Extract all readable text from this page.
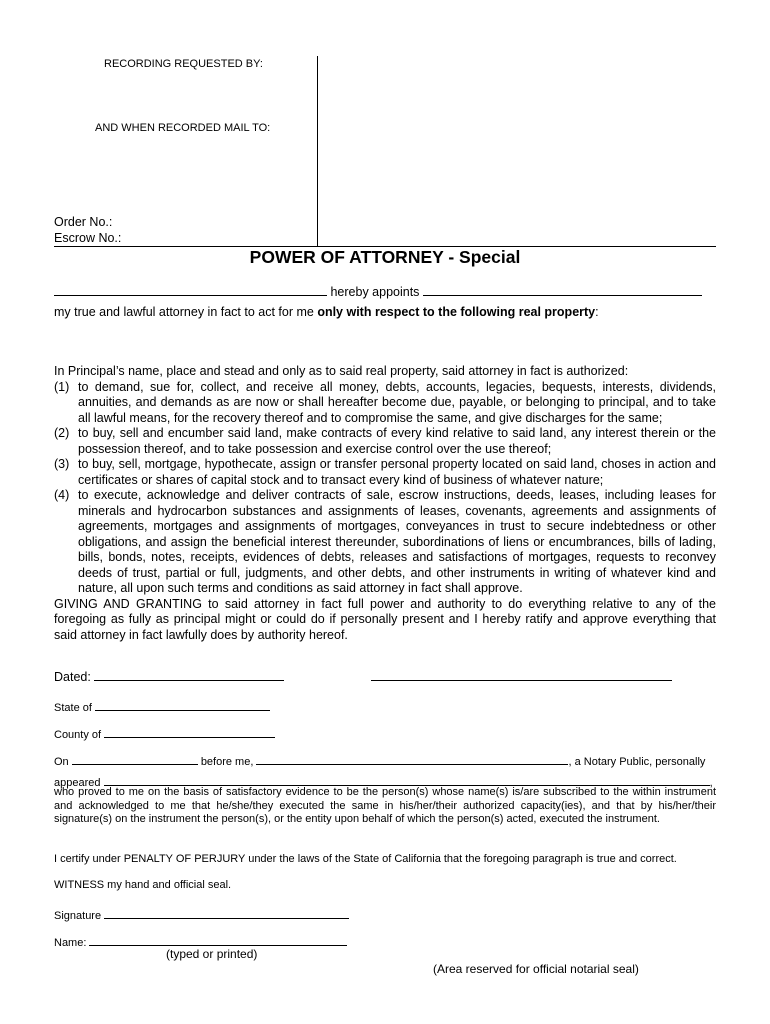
RECORDING REQUESTED BY:
AND WHEN RECORDED MAIL TO:
Order No.:
Escrow No.:
POWER OF ATTORNEY - Special
hereby appoints
my true and lawful attorney in fact to act for me only with respect to the following real property:

In Principal’s name, place and stead and only as to said real property, said attorney in fact is authorized:

(1) to demand, sue for, collect, and receive all money, debts, accounts, legacies, bequests, interests, dividends, annuities, and demands as are now or shall hereafter become due, payable, or belonging to principal, and to take all lawful means, for the recovery thereof and to compromise the same, and give discharges for the same;
(2) to buy, sell and encumber said land, make contracts of every kind relative to said land, any interest therein or the possession thereof, and to take possession and exercise control over the use thereof;
(3) to buy, sell, mortgage, hypothecate, assign or transfer personal property located on said land, choses in action and certificates or shares of capital stock and to transact every kind of business of whatever nature;
(4) to execute, acknowledge and deliver contracts of sale, escrow instructions, deeds, leases, including leases for minerals and hydrocarbon substances and assignments of leases, covenants, agreements and assignments of agreements, mortgages and assignments of mortgages, conveyances in trust to secure indebtedness or other obligations, and assign the beneficial interest thereunder, subordinations of liens or encumbrances, bills of lading, bills, bonds, notes, receipts, evidences of debts, releases and satisfactions of mortgages, requests to reconvey deeds of trust, partial or full, judgments, and other debts, and other instruments in writing of whatever kind and nature, all upon such terms and conditions as said attorney in fact shall approve.

GIVING AND GRANTING to said attorney in fact full power and authority to do everything relative to any of the foregoing as fully as principal might or could do if personally present and I hereby ratify and approve everything that said attorney in fact lawfully does by authority hereof.

Dated:
State of
County of
On	before me,	, a Notary Public, personally
appeared	,
who proved to me on the basis of satisfactory evidence to be the person(s) whose name(s) is/are subscribed to the within instrument and acknowledged to me that he/she/they executed the same in his/her/their authorized capacity(ies), and that by his/her/their signature(s) on the instrument the person(s), or the entity upon behalf of which the person(s) acted, executed the instrument.
I certify under PENALTY OF PERJURY under the laws of the State of California that the foregoing paragraph is true and correct.
WITNESS my hand and official seal.
Signature
Name:
(typed or printed)
(Area reserved for official notarial seal)
